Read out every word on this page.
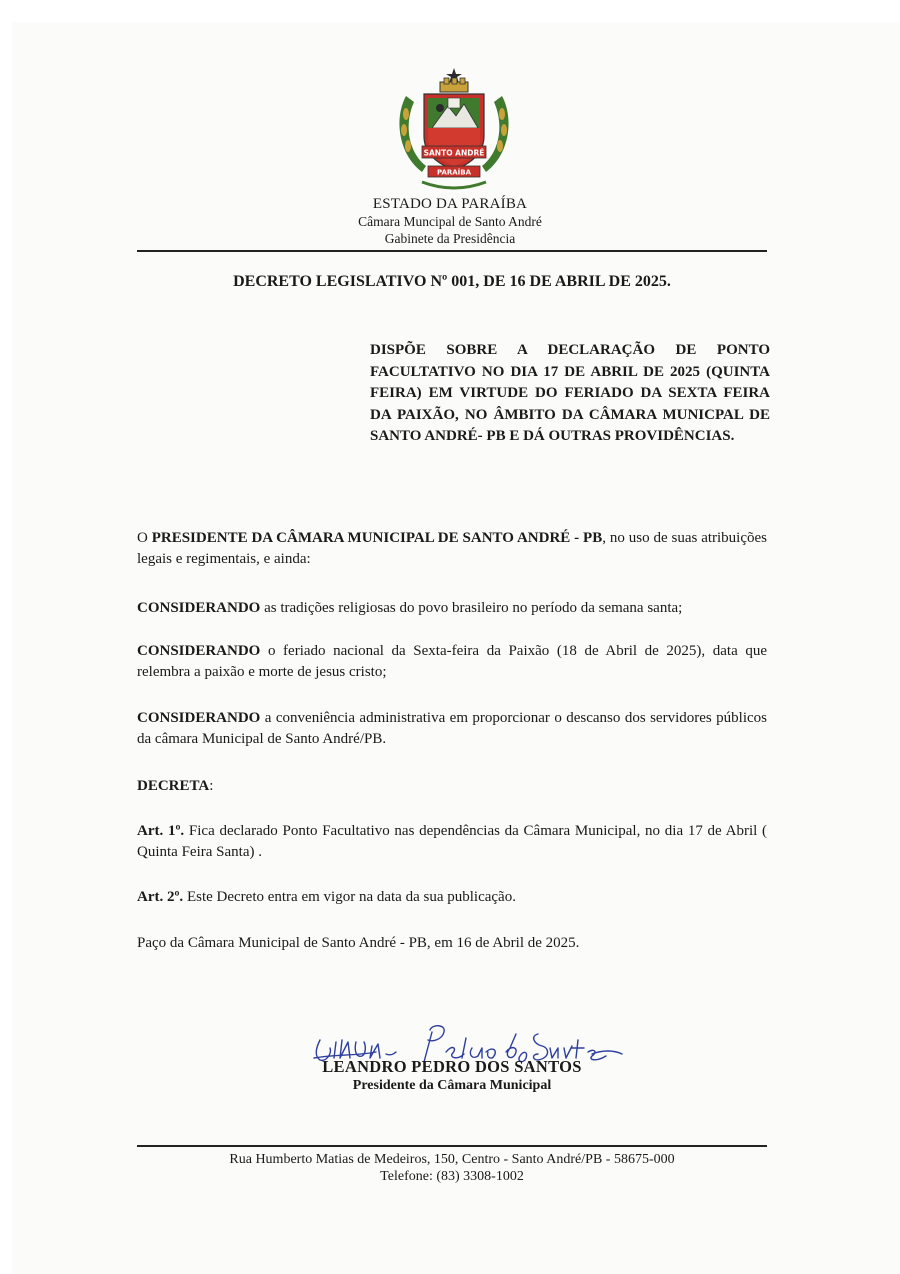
SANTO ANDRÉ
PARAÍBA
ESTADO DA PARAÍBA
Câmara Muncipal de Santo André
Gabinete da Presidência
DECRETO LEGISLATIVO Nº 001, DE 16 DE ABRIL DE 2025.
DISPÕE SOBRE A DECLARAÇÃO DE PONTO FACULTATIVO NO DIA 17 DE ABRIL DE 2025 (QUINTA FEIRA) EM VIRTUDE DO FERIADO DA SEXTA FEIRA DA PAIXÃO, NO ÂMBITO DA CÂMARA MUNICPAL DE SANTO ANDRÉ- PB E DÁ OUTRAS PROVIDÊNCIAS.
O PRESIDENTE DA CÂMARA MUNICIPAL DE SANTO ANDRÉ - PB, no uso de suas atribuições legais e regimentais, e ainda:
CONSIDERANDO as tradições religiosas do povo brasileiro no período da semana santa;
CONSIDERANDO o feriado nacional da Sexta-feira da Paixão (18 de Abril de 2025), data que relembra a paixão e morte de jesus cristo;
CONSIDERANDO a conveniência administrativa em proporcionar o descanso dos servidores públicos da câmara Municipal de Santo André/PB.
DECRETA:
Art. 1º. Fica declarado Ponto Facultativo nas dependências da Câmara Municipal, no dia 17 de Abril ( Quinta Feira Santa) .
Art. 2º. Este Decreto entra em vigor na data da sua publicação.
Paço da Câmara Municipal de Santo André - PB, em 16 de Abril de 2025.
LEANDRO PEDRO DOS SANTOS
Presidente da Câmara Municipal
Rua Humberto Matias de Medeiros, 150, Centro - Santo André/PB - 58675-000
Telefone: (83) 3308-1002
